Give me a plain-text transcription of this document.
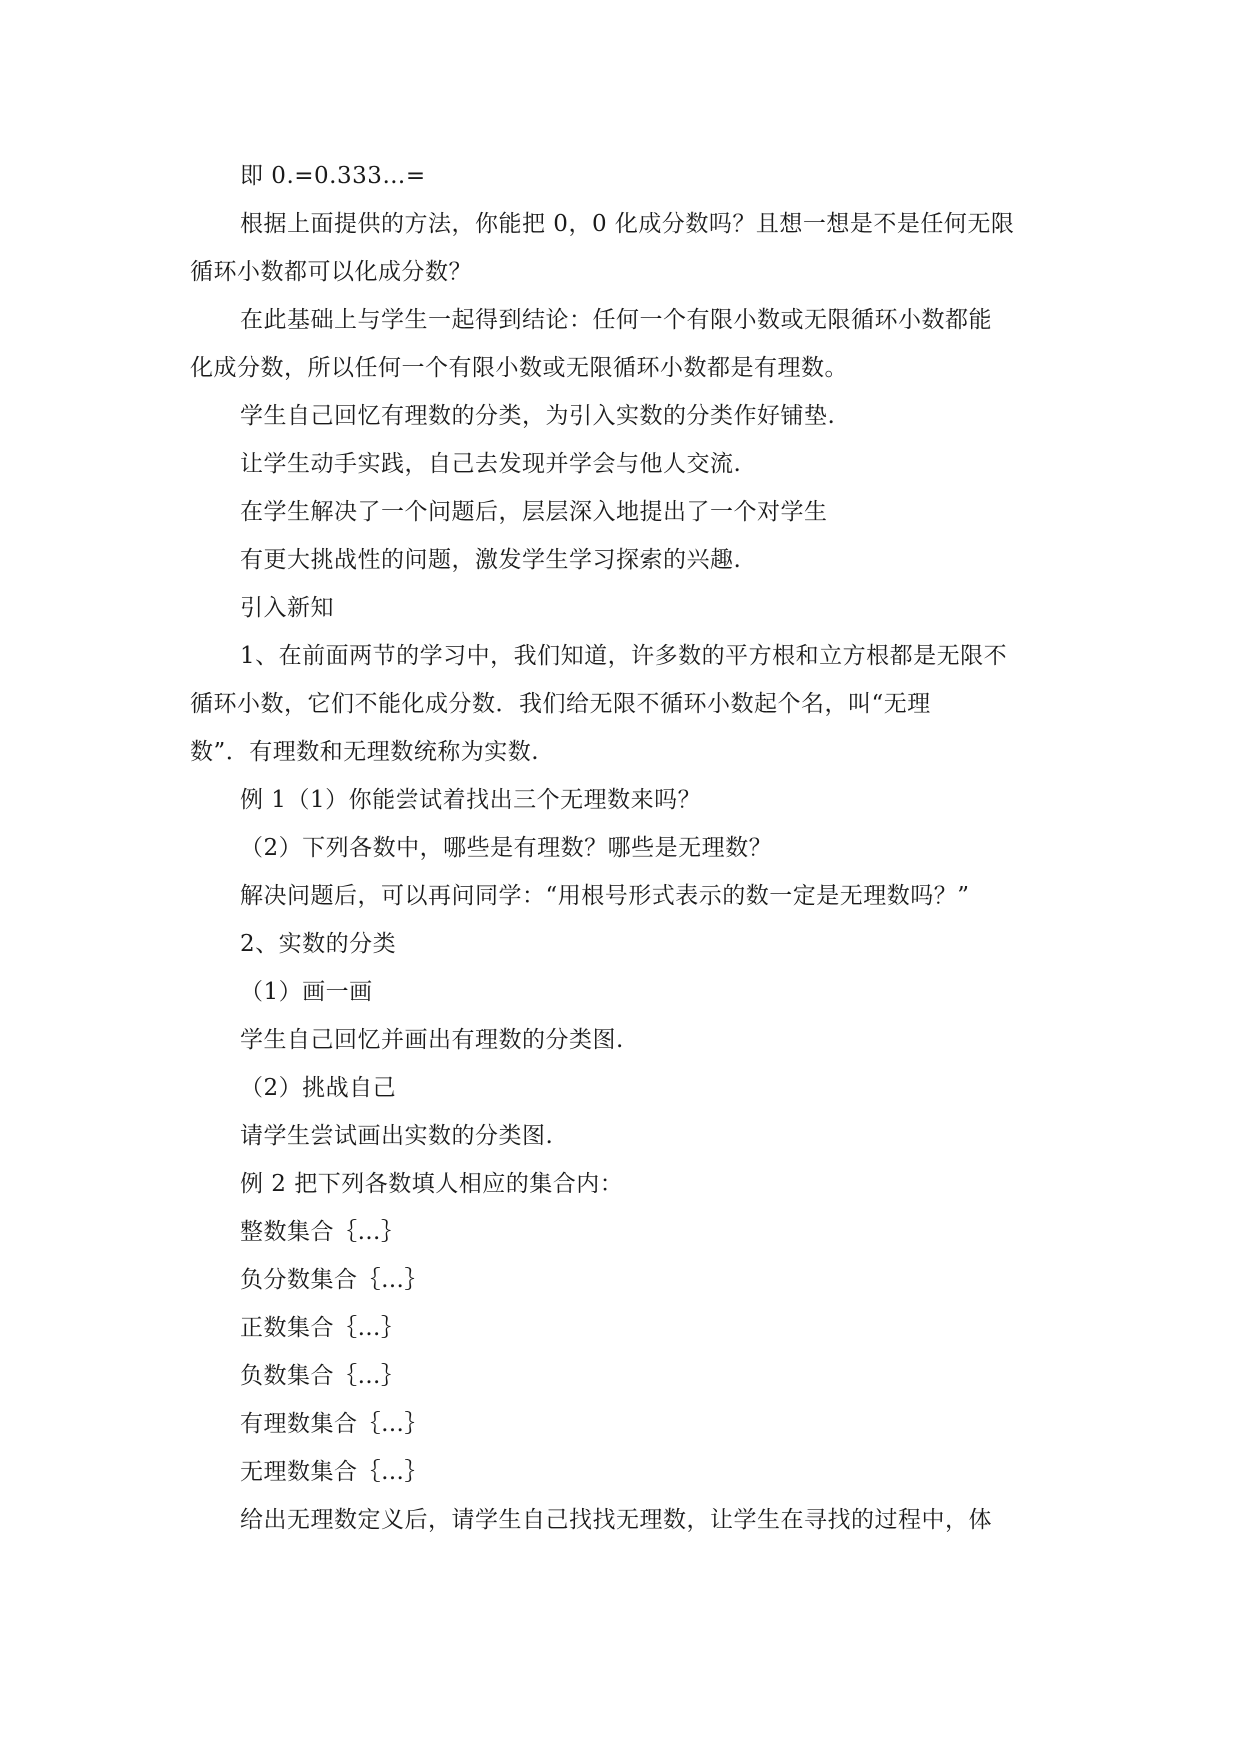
即 0.=0.333…=
根据上面提供的方法，你能把 0，0 化成分数吗？且想一想是不是任何无限
循环小数都可以化成分数？
在此基础上与学生一起得到结论：任何一个有限小数或无限循环小数都能
化成分数，所以任何一个有限小数或无限循环小数都是有理数。
学生自己回忆有理数的分类，为引入实数的分类作好铺垫.
让学生动手实践，自己去发现并学会与他人交流.
在学生解决了一个问题后，层层深入地提出了一个对学生
有更大挑战性的问题，激发学生学习探索的兴趣.
引入新知
1、在前面两节的学习中，我们知道，许多数的平方根和立方根都是无限不
循环小数，它们不能化成分数．我们给无限不循环小数起个名，叫“无理
数”．有理数和无理数统称为实数.
例 1（1）你能尝试着找出三个无理数来吗？
（2）下列各数中，哪些是有理数？哪些是无理数？
解决问题后，可以再问同学：“用根号形式表示的数一定是无理数吗？”
2、实数的分类
（1）画一画
学生自己回忆并画出有理数的分类图.
（2）挑战自己
请学生尝试画出实数的分类图.
例 2 把下列各数填人相应的集合内：
整数集合｛…｝
负分数集合｛…｝
正数集合｛…｝
负数集合｛…｝
有理数集合｛…｝
无理数集合｛…｝
给出无理数定义后，请学生自己找找无理数，让学生在寻找的过程中，体
